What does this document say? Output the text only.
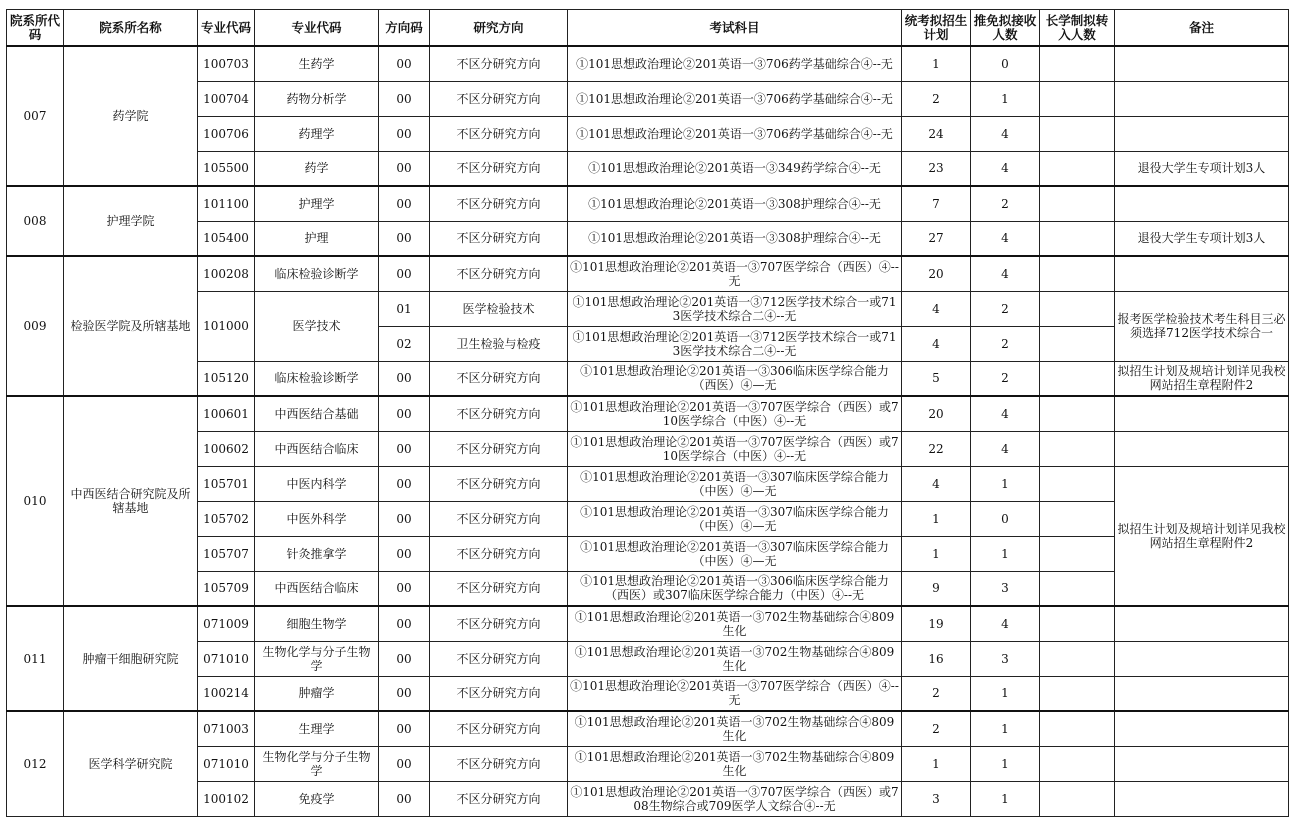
院系所代码	院系所名称	专业代码	专业代码	方向码	研究方向	考试科目	统考拟招生计划	推免拟接收人数	长学制拟转入人数	备注
007	药学院	100703	生药学	00	不区分研究方向	①101思想政治理论②201英语一③706药学基础综合④--无	1	0		
		100704	药物分析学	00	不区分研究方向	①101思想政治理论②201英语一③706药学基础综合④--无	2	1		
		100706	药理学	00	不区分研究方向	①101思想政治理论②201英语一③706药学基础综合④--无	24	4		
		105500	药学	00	不区分研究方向	①101思想政治理论②201英语一③349药学综合④--无	23	4		退役大学生专项计划3人
008	护理学院	101100	护理学	00	不区分研究方向	①101思想政治理论②201英语一③308护理综合④--无	7	2		
		105400	护理	00	不区分研究方向	①101思想政治理论②201英语一③308护理综合④--无	27	4		退役大学生专项计划3人
009	检验医学院及所辖基地	100208	临床检验诊断学	00	不区分研究方向	①101思想政治理论②201英语一③707医学综合（西医）④--无	20	4		
		101000	医学技术	01	医学检验技术	①101思想政治理论②201英语一③712医学技术综合一或713医学技术综合二④--无	4	2		报考医学检验技术考生科目三必须选择712医学技术综合一
				02	卫生检验与检疫	①101思想政治理论②201英语一③712医学技术综合一或713医学技术综合二④--无	4	2		
		105120	临床检验诊断学	00	不区分研究方向	①101思想政治理论②201英语一③306临床医学综合能力（西医）④—无	5	2		拟招生计划及规培计划详见我校网站招生章程附件2
010	中西医结合研究院及所辖基地	100601	中西医结合基础	00	不区分研究方向	①101思想政治理论②201英语一③707医学综合（西医）或710医学综合（中医）④--无	20	4		
		100602	中西医结合临床	00	不区分研究方向	①101思想政治理论②201英语一③707医学综合（西医）或710医学综合（中医）④--无	22	4		
		105701	中医内科学	00	不区分研究方向	①101思想政治理论②201英语一③307临床医学综合能力（中医）④—无	4	1		拟招生计划及规培计划详见我校网站招生章程附件2
		105702	中医外科学	00	不区分研究方向	①101思想政治理论②201英语一③307临床医学综合能力（中医）④—无	1	0		
		105707	针灸推拿学	00	不区分研究方向	①101思想政治理论②201英语一③307临床医学综合能力（中医）④—无	1	1		
		105709	中西医结合临床	00	不区分研究方向	①101思想政治理论②201英语一③306临床医学综合能力（西医）或307临床医学综合能力（中医）④--无	9	3		
011	肿瘤干细胞研究院	071009	细胞生物学	00	不区分研究方向	①101思想政治理论②201英语一③702生物基础综合④809生化	19	4		
		071010	生物化学与分子生物学	00	不区分研究方向	①101思想政治理论②201英语一③702生物基础综合④809生化	16	3		
		100214	肿瘤学	00	不区分研究方向	①101思想政治理论②201英语一③707医学综合（西医）④--无	2	1		
012	医学科学研究院	071003	生理学	00	不区分研究方向	①101思想政治理论②201英语一③702生物基础综合④809生化	2	1		
		071010	生物化学与分子生物学	00	不区分研究方向	①101思想政治理论②201英语一③702生物基础综合④809生化	1	1		
		100102	免疫学	00	不区分研究方向	①101思想政治理论②201英语一③707医学综合（西医）或708生物综合或709医学人文综合④--无	3	1		
